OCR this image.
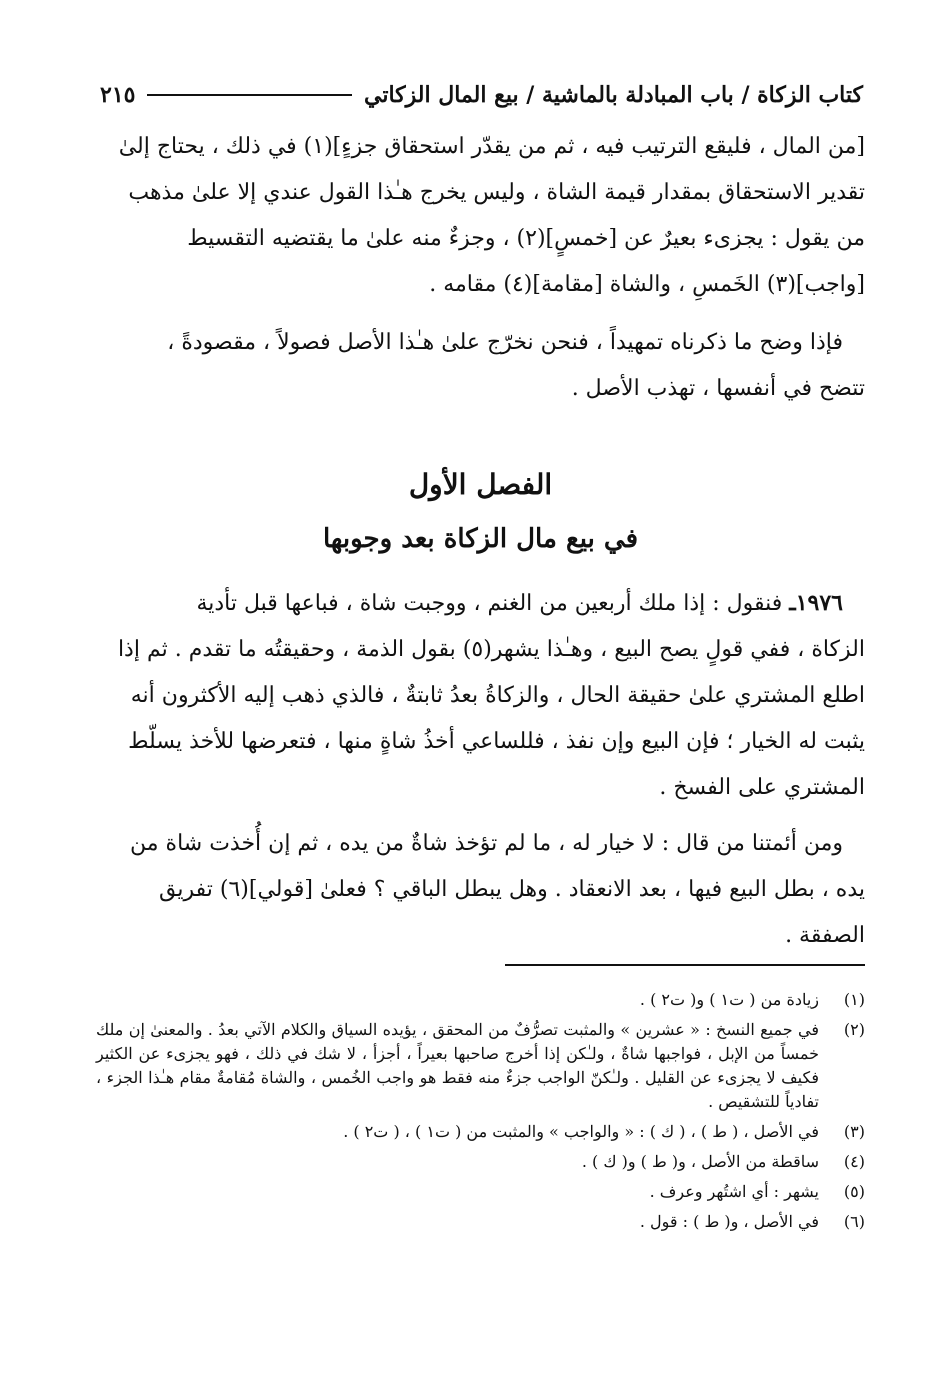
كتاب الزكاة / باب المبادلة بالماشية / بيع المال الزكاتي
٢١٥

[من المال ، فليقع الترتيب فيه ، ثم من يقدّر استحقاق جزءٍ](١) في ذلك ، يحتاج إلىٰ

تقدير الاستحقاق بمقدار قيمة الشاة ، وليس يخرج هـٰذا القول عندي إلا علىٰ مذهب

من يقول : يجزىء بعيرٌ عن [خمسٍ](٢) ، وجزءٌ منه علىٰ ما يقتضيه التقسيط

[واجب](٣) الخَمسِ ، والشاة [مقامة](٤) مقامه .

فإذا وضح ما ذكرناه تمهيداً ، فنحن نخرّج علىٰ هـٰذا الأصل فصولاً ، مقصودةً ،

تتضح في أنفسها ، تهذب الأصل .

الفصل الأول

في بيع مال الزكاة بعد وجوبها

١٩٧٦ـ فنقول : إذا ملك أربعين من الغنم ، ووجبت شاة ، فباعها قبل تأدية

الزكاة ، ففي قولٍ يصح البيع ، وهـٰذا يشهر(٥) بقول الذمة ، وحقيقتُه ما تقدم . ثم إذا

اطلع المشتري علىٰ حقيقة الحال ، والزكاةُ بعدُ ثابتةٌ ، فالذي ذهب إليه الأكثرون أنه

يثبت له الخيار ؛ فإن البيع وإن نفذ ، فللساعي أخذُ شاةٍ منها ، فتعرضها للأخذ يسلّط

المشتري على الفسخ .

ومن أئمتنا من قال : لا خيار له ، ما لم تؤخذ شاةٌ من يده ، ثم إن أُخذت شاة من

يده ، بطل البيع فيها ، بعد الانعقاد . وهل يبطل الباقي ؟ فعلىٰ [قولي](٦) تفريق

الصفقة .

(١)
زيادة من ( ت١ ) و( ت٢ ) .
(٢)
في جميع النسخ : « عشرين » والمثبت تصرُّفٌ من المحقق ، يؤيده السياق والكلام الآتي بعدُ . والمعنىٰ إن ملك خمساً من الإبل ، فواجبها شاةٌ ، ولـٰكن إذا أخرج صاحبها بعيراً ، أجزأ ، لا شك في ذلك ، فهو يجزىء عن الكثير فكيف لا يجزىء عن القليل . ولـٰكنّ الواجب جزءٌ منه فقط هو واجب الخُمس ، والشاة مُقامةٌ مقام هـٰذا الجزء ، تفادياً للتشقيص .
(٣)
في الأصل ، ( ط ) ، ( ك ) : « والواجب » والمثبت من ( ت١ ) ، ( ت٢ ) .
(٤)
ساقطة من الأصل ، و( ط ) و( ك ) .
(٥)
يشهر : أي اشتُهر وعرف .
(٦)
في الأصل ، و( ط ) : قول .
